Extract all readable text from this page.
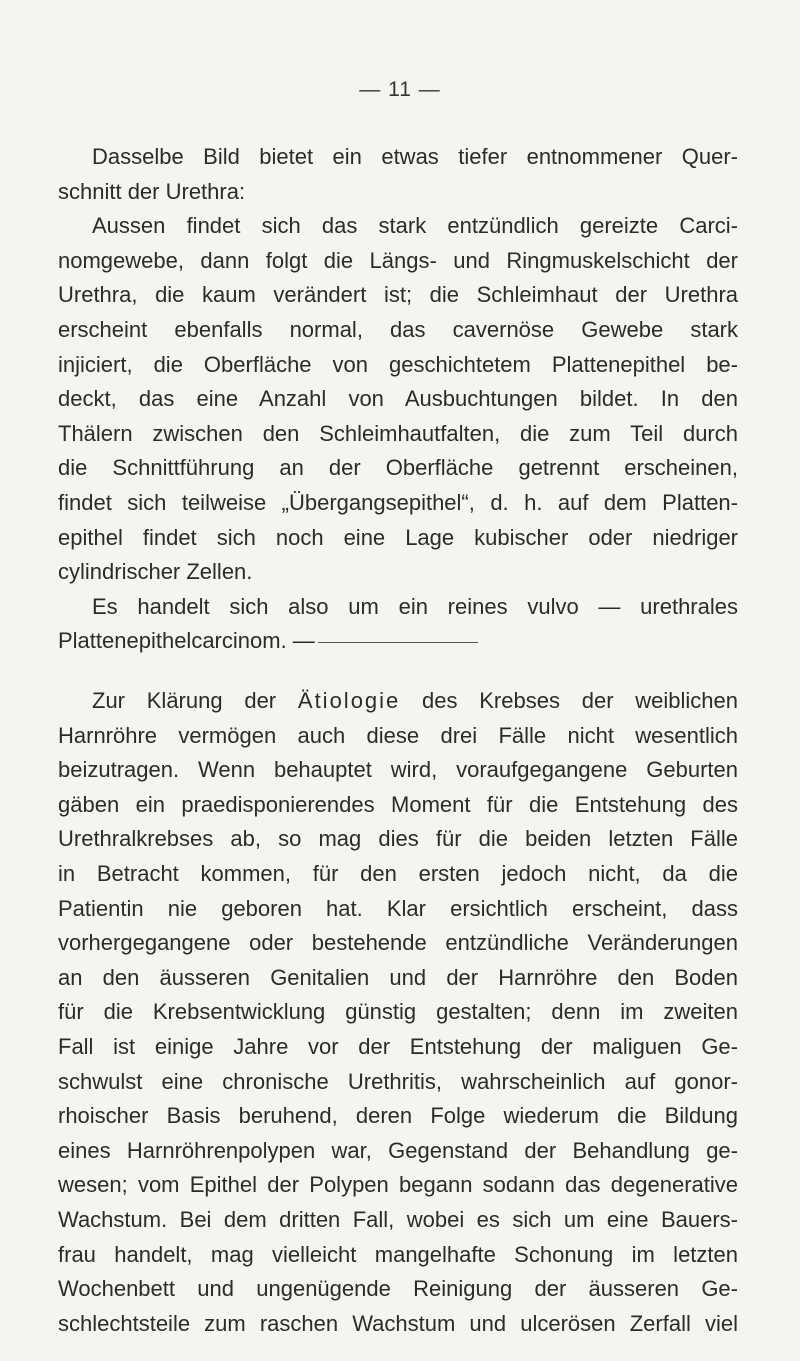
— 11 —
Dasselbe Bild bietet ein etwas tiefer entnommener Quer-
schnitt der Urethra:
Aussen findet sich das stark entzündlich gereizte Carci-
nomgewebe, dann folgt die Längs- und Ringmuskelschicht der
Urethra, die kaum verändert ist; die Schleimhaut der Urethra
erscheint ebenfalls normal, das cavernöse Gewebe stark
injiciert, die Oberfläche von geschichtetem Plattenepithel be-
deckt, das eine Anzahl von Ausbuchtungen bildet. In den
Thälern zwischen den Schleimhautfalten, die zum Teil durch
die Schnittführung an der Oberfläche getrennt erscheinen,
findet sich teilweise „Übergangsepithel“, d. h. auf dem Platten-
epithel findet sich noch eine Lage kubischer oder niedriger
cylindrischer Zellen.
Es handelt sich also um ein reines vulvo — urethrales
Plattenepithelcarcinom. —
Zur Klärung der Ätiologie des Krebses der weiblichen
Harnröhre vermögen auch diese drei Fälle nicht wesentlich
beizutragen. Wenn behauptet wird, voraufgegangene Geburten
gäben ein praedisponierendes Moment für die Entstehung des
Urethralkrebses ab, so mag dies für die beiden letzten Fälle
in Betracht kommen, für den ersten jedoch nicht, da die
Patientin nie geboren hat. Klar ersichtlich erscheint, dass
vorhergegangene oder bestehende entzündliche Veränderungen
an den äusseren Genitalien und der Harnröhre den Boden
für die Krebsentwicklung günstig gestalten; denn im zweiten
Fall ist einige Jahre vor der Entstehung der maliguen Ge-
schwulst eine chronische Urethritis, wahrscheinlich auf gonor-
rhoischer Basis beruhend, deren Folge wiederum die Bildung
eines Harnröhrenpolypen war, Gegenstand der Behandlung ge-
wesen; vom Epithel der Polypen begann sodann das degenerative
Wachstum. Bei dem dritten Fall, wobei es sich um eine Bauers-
frau handelt, mag vielleicht mangelhafte Schonung im letzten
Wochenbett und ungenügende Reinigung der äusseren Ge-
schlechtsteile zum raschen Wachstum und ulcerösen Zerfall viel
